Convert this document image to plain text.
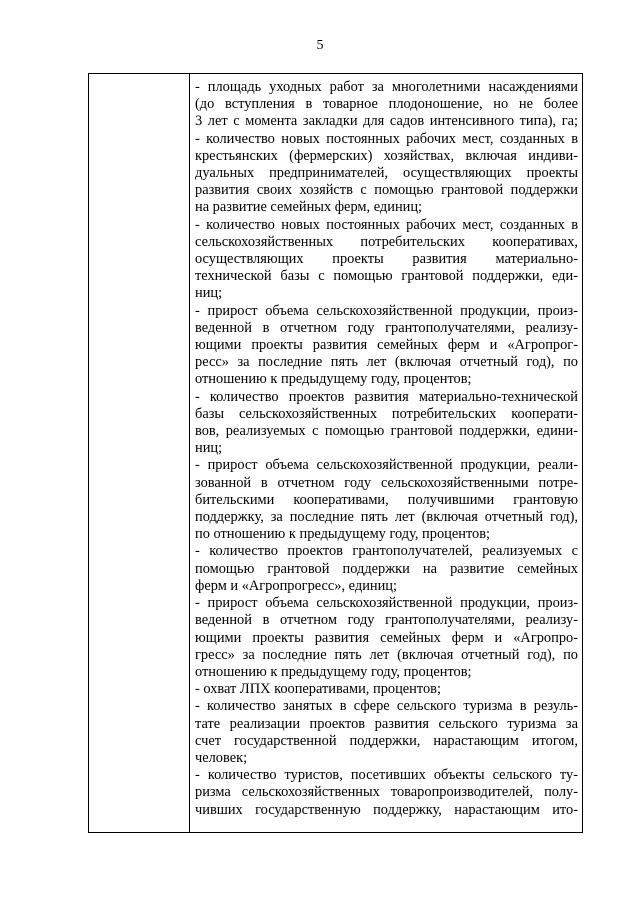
5
- площадь уходных работ за многолетними насаждениями
(до вступления в товарное плодоношение, но не более
3 лет с момента закладки для садов интенсивного типа), га;
- количество новых постоянных рабочих мест, созданных в
крестьянских (фермерских) хозяйствах, включая индиви-
дуальных предпринимателей, осуществляющих проекты
развития своих хозяйств с помощью грантовой поддержки
на развитие семейных ферм, единиц;
- количество новых постоянных рабочих мест, созданных в
сельскохозяйственных потребительских кооперативах,
осуществляющих проекты развития материально-
технической базы с помощью грантовой поддержки, еди-
ниц;
- прирост объема сельскохозяйственной продукции, произ-
веденной в отчетном году грантополучателями, реализу-
ющими проекты развития семейных ферм и «Агропрог-
ресс» за последние пять лет (включая отчетный год), по
отношению к предыдущему году, процентов;
- количество проектов развития материально-технической
базы сельскохозяйственных потребительских кооперати-
вов, реализуемых с помощью грантовой поддержки, едини-
ниц;
- прирост объема сельскохозяйственной продукции, реали-
зованной в отчетном году сельскохозяйственными потре-
бительскими кооперативами, получившими грантовую
поддержку, за последние пять лет (включая отчетный год),
по отношению к предыдущему году, процентов;
- количество проектов грантополучателей, реализуемых с
помощью грантовой поддержки на развитие семейных
ферм и «Агропрогресс», единиц;
- прирост объема сельскохозяйственной продукции, произ-
веденной в отчетном году грантополучателями, реализу-
ющими проекты развития семейных ферм и «Агропро-
гресс» за последние пять лет (включая отчетный год), по
отношению к предыдущему году, процентов;
- охват ЛПХ кооперативами, процентов;
- количество занятых в сфере сельского туризма в резуль-
тате реализации проектов развития сельского туризма за
счет государственной поддержки, нарастающим итогом,
человек;
- количество туристов, посетивших объекты сельского ту-
ризма сельскохозяйственных товаропроизводителей, полу-
чивших государственную поддержку, нарастающим ито-
